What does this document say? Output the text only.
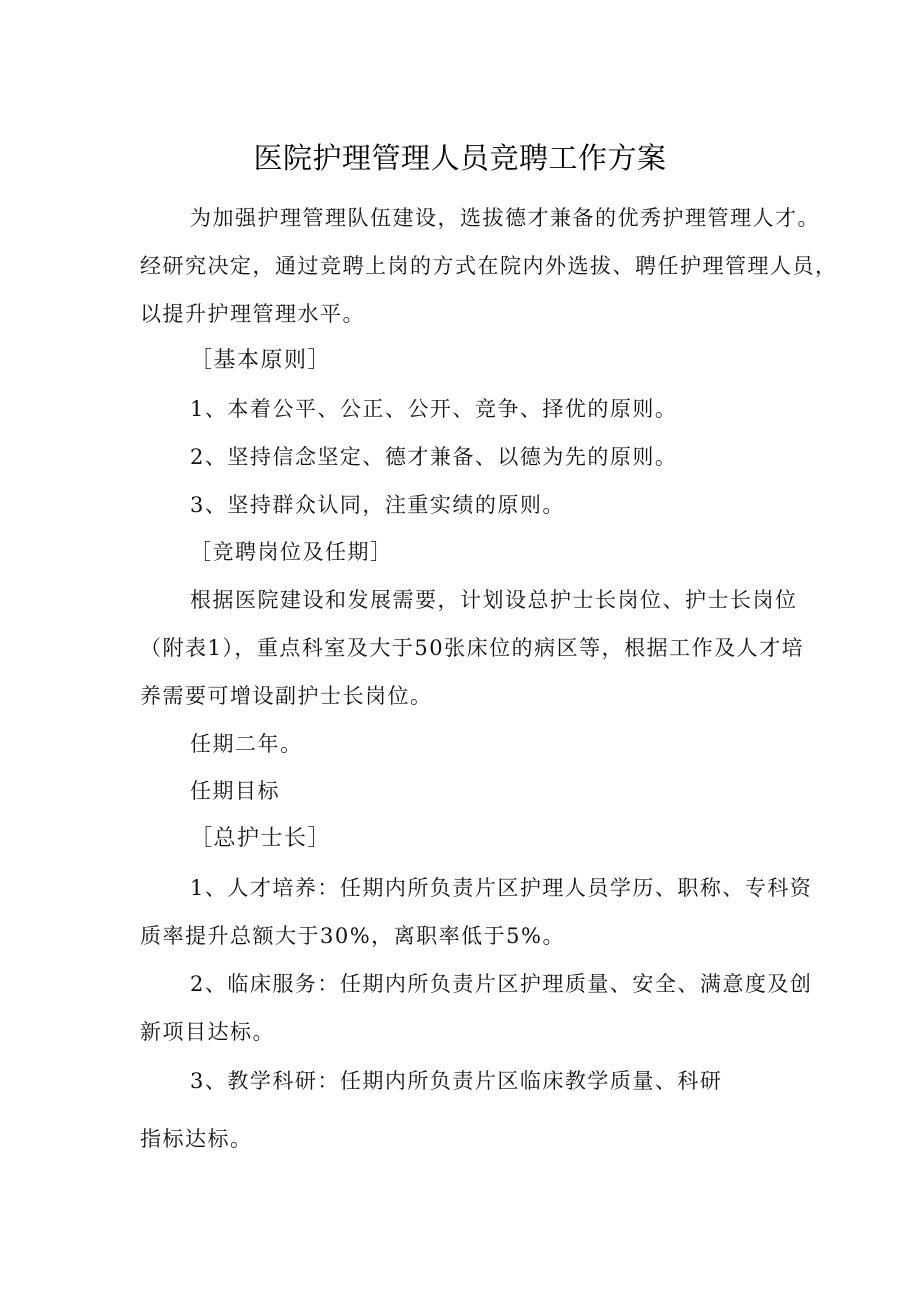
医院护理管理人员竞聘工作方案
为加强护理管理队伍建设，选拔德才兼备的优秀护理管理人才。
经研究决定，通过竞聘上岗的方式在院内外选拔、聘任护理管理人员，
以提升护理管理水平。
［基本原则］
1、本着公平、公正、公开、竞争、择优的原则。
2、坚持信念坚定、德才兼备、以德为先的原则。
3、坚持群众认同，注重实绩的原则。
［竞聘岗位及任期］
根据医院建设和发展需要，计划设总护士长岗位、护士长岗位
（附表1），重点科室及大于50张床位的病区等，根据工作及人才培
养需要可增设副护士长岗位。
任期二年。
任期目标
［总护士长］
1、人才培养：任期内所负责片区护理人员学历、职称、专科资
质率提升总额大于30%，离职率低于5%。
2、临床服务：任期内所负责片区护理质量、安全、满意度及创
新项目达标。
3、教学科研：任期内所负责片区临床教学质量、科研
指标达标。
